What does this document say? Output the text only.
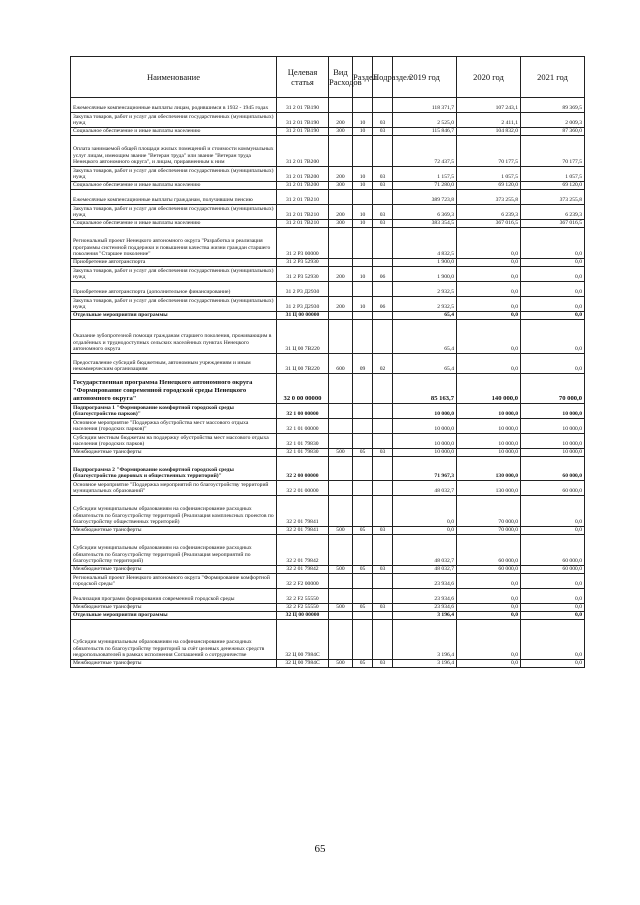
Наименование	Целевая статья	Вид Расходов	Раздел	Подраздел	2019 год	2020 год	2021 год
Ежемесячные компенсационные выплаты лицам, родившимся в 1932 - 1945 годах	31 2 01 7В190				118 371,7	107 243,1	89 369,5
Закупка товаров, работ и услуг для обеспечения государственных (муниципальных) нужд	31 2 01 7В190	200	10	03	2 525,0	2 411,1	2 009,3
Социальное обеспечение и иные выплаты населению	31 2 01 7В190	300	10	03	115 846,7	104 832,0	87 360,0
Оплата занимаемой общей площади жилых помещений и стоимости коммунальных услуг лицам, имеющим звание "Ветеран труда" или звание "Ветеран труда Ненецкого автономного округа", и лицам, приравненным к ним	31 2 01 7В200				72 437,5	70 177,5	70 177,5
Закупка товаров, работ и услуг для обеспечения государственных (муниципальных) нужд	31 2 01 7В200	200	10	03	1 157,5	1 057,5	1 057,5
Социальное обеспечение и иные выплаты населению	31 2 01 7В200	300	10	03	71 280,0	69 120,0	69 120,0
Ежемесячные компенсационные выплаты гражданам, получившим пенсию	31 2 01 7В210				389 723,8	373 255,8	373 255,8
Закупка товаров, работ и услуг для обеспечения государственных (муниципальных) нужд	31 2 01 7В210	200	10	03	6 369,3	6 239,3	6 239,3
Социальное обеспечение и иные выплаты населению	31 2 01 7В210	300	10	03	383 354,5	367 016,5	367 016,5
Региональный проект Ненецкого автономного округа "Разработка и реализация программы системной поддержки и повышения качества жизни граждан старшего поколения "Старшее поколение"	31 2 Р3 00000				4 832,5	0,0	0,0
Приобретение автотранспорта	31 2 Р3 52930				1 900,0	0,0	0,0
Закупка товаров, работ и услуг для обеспечения государственных (муниципальных) нужд	31 2 Р3 52930	200	10	06	1 900,0	0,0	0,0
Приобретение автотранспорта (дополнительное финансирование)	31 2 Р3 Д2930				2 932,5	0,0	0,0
Закупка товаров, работ и услуг для обеспечения государственных (муниципальных) нужд	31 2 Р3 Д2930	200	10	06	2 932,5	0,0	0,0
Отдельные мероприятия программы	31 Ц 00 00000				65,4	0,0	0,0
Оказание зубопротезной помощи гражданам старшего поколения, проживающим в отдалённых и труднодоступных сельских населённых пунктах Ненецкого автономного округа	31 Ц 00 7В220				65,4	0,0	0,0
Предоставление субсидий бюджетным, автономным учреждениям и иным некоммерческим организациям	31 Ц 00 7В220	600	09	02	65,4	0,0	0,0
Государственная программа Ненецкого автономного округа "Формирование современной городской среды Ненецкого автономного округа"	32 0 00 00000				85 163,7	140 000,0	70 000,0
Подпрограмма 1 "Формирование комфортной городской среды (благоустройство парков)"	32 1 00 00000				10 000,0	10 000,0	10 000,0
Основное мероприятие "Поддержка обустройства мест массового отдыха населения (городских парков)"	32 1 01 00000				10 000,0	10 000,0	10 000,0
Субсидии местным бюджетам на поддержку обустройства мест массового отдыха населения (городских парков)	32 1 01 79830				10 000,0	10 000,0	10 000,0
Межбюджетные трансферты	32 1 01 79830	500	05	03	10 000,0	10 000,0	10 000,0
Подпрограмма 2 "Формирование комфортной городской среды (благоустройство дворовых и общественных территорий)"	32 2 00 00000				71 967,3	130 000,0	60 000,0
Основное мероприятие "Поддержка мероприятий по благоустройству территорий муниципальных образований"	32 2 01 00000				48 032,7	130 000,0	60 000,0
Субсидии муниципальным образованиям на софинансирование расходных обязательств по благоустройству территорий (Реализация комплексных проектов по благоустройству общественных территорий)	32 2 01 79841				0,0	70 000,0	0,0
Межбюджетные трансферты	32 2 01 79841	500	05	03	0,0	70 000,0	0,0
Субсидии муниципальным образованиям на софинансирование расходных обязательств по благоустройству территорий (Реализация мероприятий по благоустройству территорий)	32 2 01 79842				48 032,7	60 000,0	60 000,0
Межбюджетные трансферты	32 2 01 79842	500	05	03	48 032,7	60 000,0	60 000,0
Региональный проект Ненецкого автономного округа "Формирование комфортной городской среды"	32 2 F2 00000				23 934,6	0,0	0,0
Реализация программ формирования современной городской среды	32 2 F2 55550				23 934,6	0,0	0,0
Межбюджетные трансферты	32 2 F2 55550	500	05	03	23 934,6	0,0	0,0
Отдельные мероприятия программы	32 Ц 00 00000				3 196,4	0,0	0,0
Субсидии муниципальным образованиям на софинансирование расходных обязательств по благоустройству территорий за счёт целевых денежных средств недропользователей в рамках исполнения Соглашений о сотрудничестве	32 Ц 00 7984С				3 196,4	0,0	0,0
Межбюджетные трансферты	32 Ц 00 7984С	500	05	03	3 196,4	0,0	0,0
65
